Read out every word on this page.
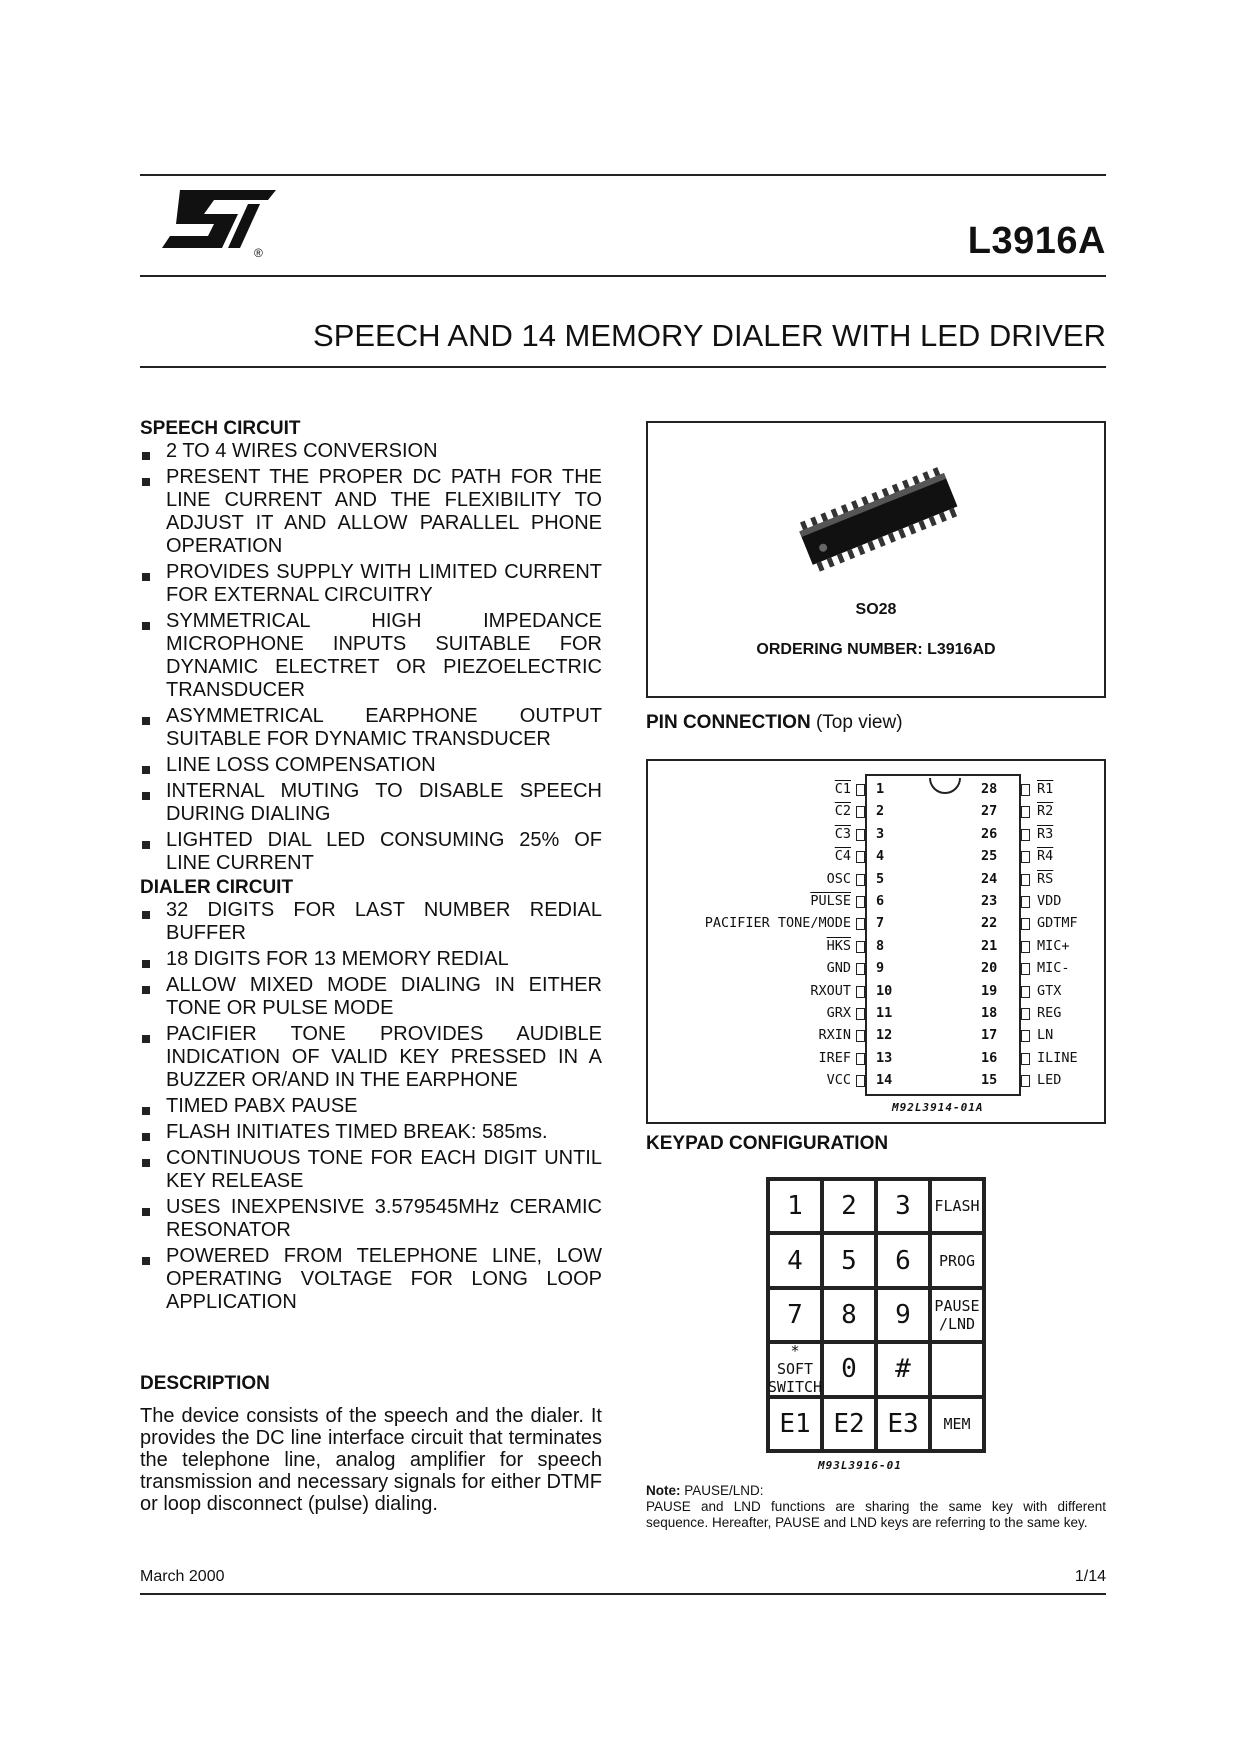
®	L3916A
SPEECH AND 14 MEMORY DIALER WITH LED DRIVER

SPEECH CIRCUIT

2 TO 4 WIRES CONVERSION
PRESENT THE PROPER DC PATH FOR THE LINE CURRENT AND THE FLEXIBILITY TO ADJUST IT AND ALLOW PARALLEL PHONE OPERATION
PROVIDES SUPPLY WITH LIMITED CURRENT FOR EXTERNAL CIRCUITRY
SYMMETRICAL HIGH IMPEDANCE MICROPHONE INPUTS SUITABLE FOR DYNAMIC ELECTRET OR PIEZOELECTRIC TRANSDUCER
ASYMMETRICAL EARPHONE OUTPUT SUITABLE FOR DYNAMIC TRANSDUCER
LINE LOSS COMPENSATION
INTERNAL MUTING TO DISABLE SPEECH DURING DIALING
LIGHTED DIAL LED CONSUMING 25% OF LINE CURRENT

DIALER CIRCUIT

32 DIGITS FOR LAST NUMBER REDIAL BUFFER
18 DIGITS FOR 13 MEMORY REDIAL
ALLOW MIXED MODE DIALING IN EITHER TONE OR PULSE MODE
PACIFIER TONE PROVIDES AUDIBLE INDICATION OF VALID KEY PRESSED IN A BUZZER OR/AND IN THE EARPHONE
TIMED PABX PAUSE
FLASH INITIATES TIMED BREAK: 585ms.
CONTINUOUS TONE FOR EACH DIGIT UNTIL KEY RELEASE
USES INEXPENSIVE 3.579545MHz CERAMIC RESONATOR
POWERED FROM TELEPHONE LINE, LOW OPERATING VOLTAGE FOR LONG LOOP APPLICATION

DESCRIPTION

The device consists of the speech and the dialer. It provides the DC line interface circuit that terminates the telephone line, analog amplifier for speech transmission and necessary signals for either DTMF or loop disconnect (pulse) dialing.

SO28
ORDERING NUMBER: L3916AD
PIN CONNECTION (Top view)
C1 1
C2 2
C3 3
C4 4
OSC 5
PULSE 6
PACIFIER TONE/MODE 7
$\overline{HKS}$ 8
GND 9
RXOUT 10
GRX 11
RXIN 12
IREF 13
VCC 14
R1
28
R2
27
R3
26
R4
25
$\overline{RS}$
24
VDD
23
GDTMF
22
MIC+
21
MIC-
20
GTX
19
REG
18
LN
17
ILINE
16
LED
15
M92L3914-01A
KEYPAD CONFIGURATION
1 2 3 FLASH
4 5 6 PROG
7 8 9 PAUSE
/LND
*
SOFT
SWITCH
0 #
E1 E2 E3 MEM
M93L3916-01
Note: PAUSE/LND:
PAUSE and LND functions are sharing the same key with different sequence. Hereafter, PAUSE and LND keys are referring to the same key.
March 2000	1/14
